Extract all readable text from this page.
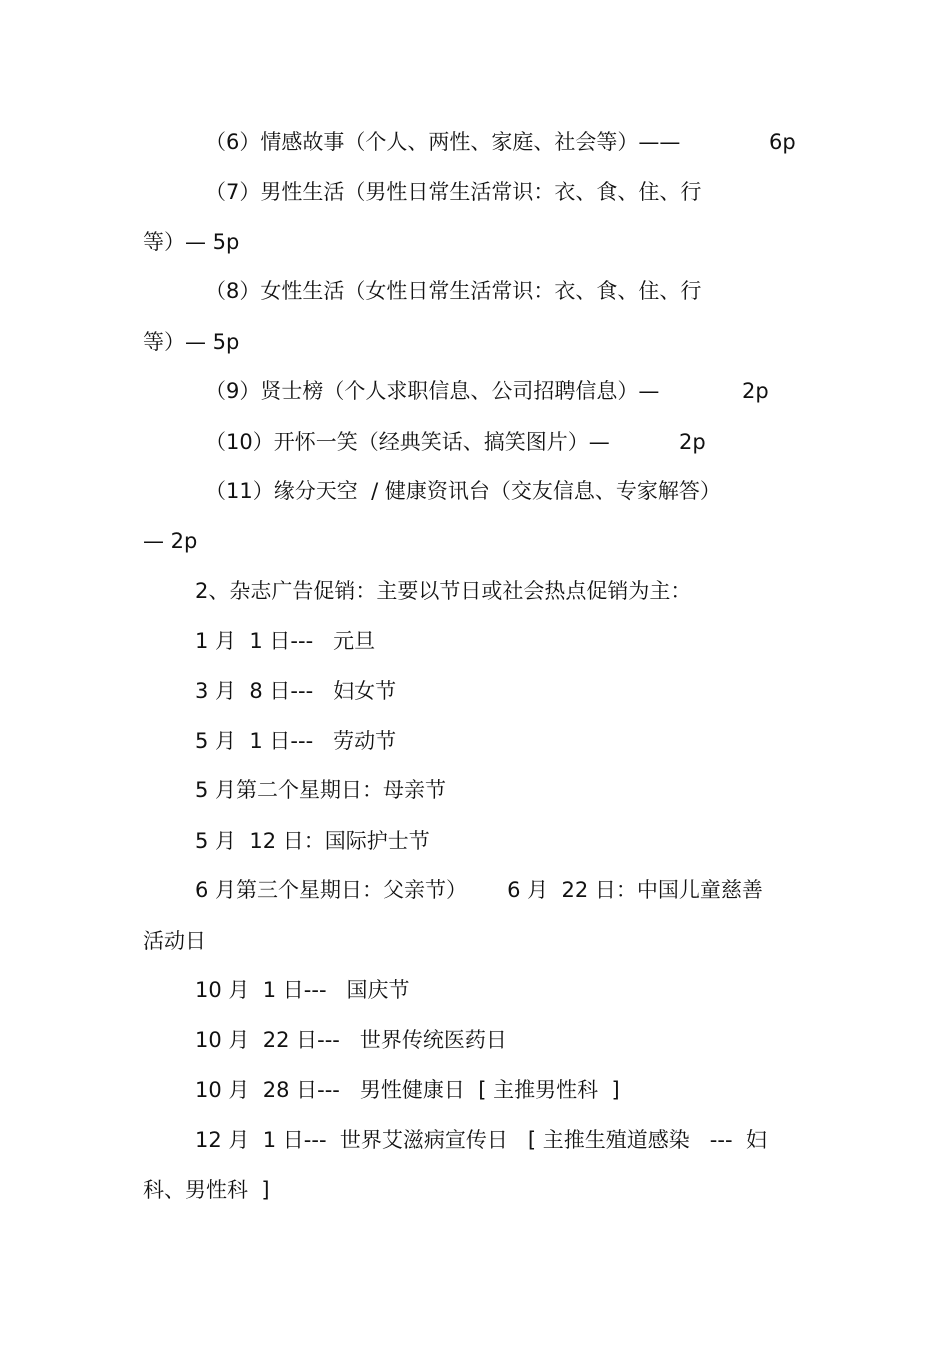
（6）情感故事（个人、两性、家庭、社会等）——	6p
（7）男性生活（男性日常生活常识：衣、食、住、行
等）— 5p
（8）女性生活（女性日常生活常识：衣、食、住、行
等）— 5p
（9）贤士榜（个人求职信息、公司招聘信息）—	2p
（10）开怀一笑（经典笑话、搞笑图片）—	2p
（11）缘分天空  / 健康资讯台（交友信息、专家解答）
— 2p
2、杂志广告促销：主要以节日或社会热点促销为主：
1 月  1 日---   元旦
3 月  8 日---   妇女节
5 月  1 日---   劳动节
5 月第二个星期日：母亲节
5 月  12 日：国际护士节
6 月第三个星期日：父亲节）      6 月  22 日：中国儿童慈善
活动日
10 月  1 日---   国庆节
10 月  22 日---   世界传统医药日
10 月  28 日---   男性健康日  [ 主推男性科  ]
12 月  1 日---  世界艾滋病宣传日   [ 主推生殖道感染   ---  妇
科、男性科  ]
